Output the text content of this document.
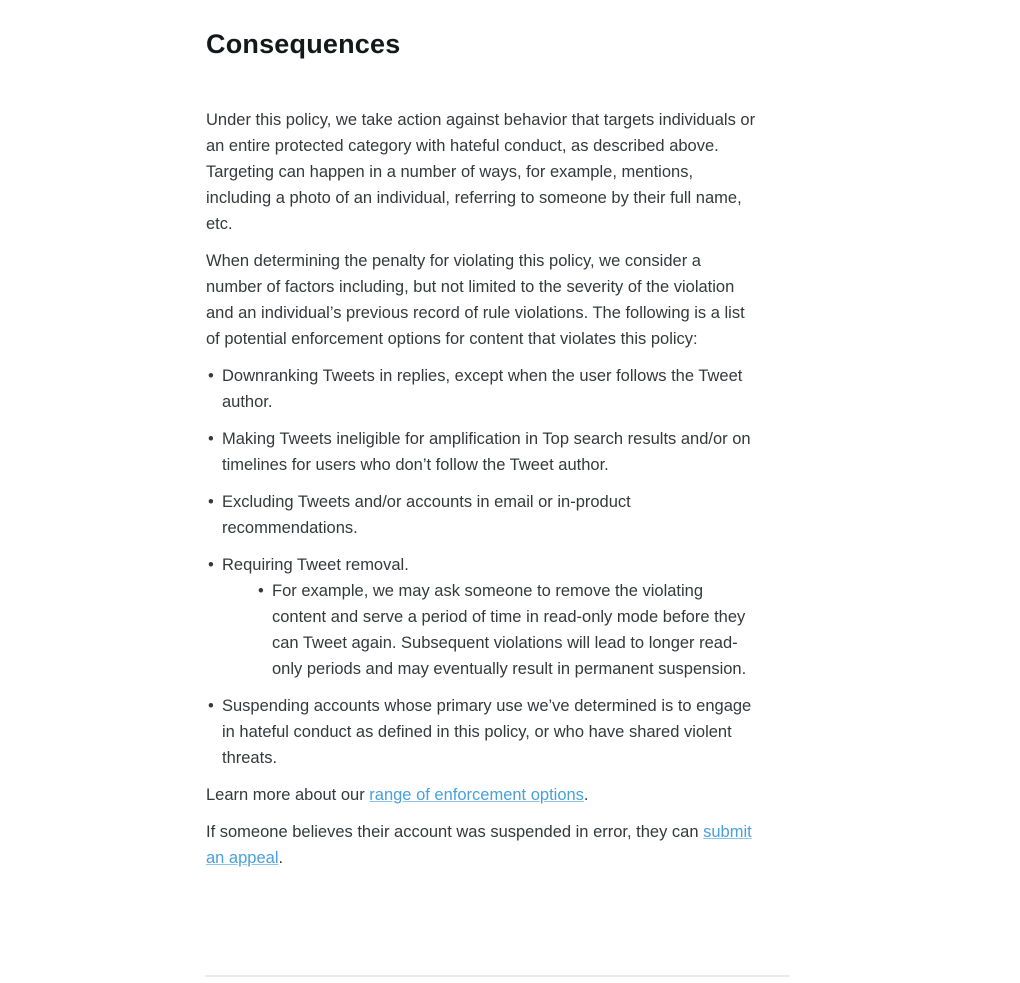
Consequences

Under this policy, we take action against behavior that targets individuals or an entire protected category with hateful conduct, as described above. Targeting can happen in a number of ways, for example, mentions, including a photo of an individual, referring to someone by their full name, etc.

When determining the penalty for violating this policy, we consider a number of factors including, but not limited to the severity of the violation and an individual’s previous record of rule violations. The following is a list of potential enforcement options for content that violates this policy:

• Downranking Tweets in replies, except when the user follows the Tweet author.
• Making Tweets ineligible for amplification in Top search results and/or on timelines for users who don’t follow the Tweet author.
• Excluding Tweets and/or accounts in email or in-product recommendations.
• Requiring Tweet removal.
• For example, we may ask someone to remove the violating content and serve a period of time in read-only mode before they can Tweet again. Subsequent violations will lead to longer read-only periods and may eventually result in permanent suspension.
• Suspending accounts whose primary use we’ve determined is to engage in hateful conduct as defined in this policy, or who have shared violent threats.

Learn more about our range of enforcement options.

If someone believes their account was suspended in error, they can submit an appeal.
